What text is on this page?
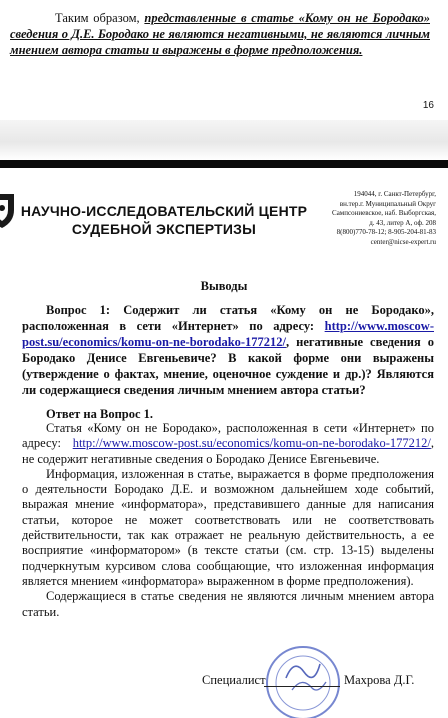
Таким образом, представленные в статье «Кому он не Бородако» сведения о Д.Е. Бородако не являются негативными, не являются личным мнением автора статьи и выражены в форме предположения.
16
НАУЧНО-ИССЛЕДОВАТЕЛЬСКИЙ ЦЕНТР
СУДЕБНОЙ ЭКСПЕРТИЗЫ
194044, г. Санкт-Петербург,
вн.тер.г. Муниципальный Округ
Сампсониевское, наб. Выборгская,
д. 43, литер А, оф. 208
8(800)770-78-12; 8-905-204-81-83
center@nicse-expert.ru
Выводы
Вопрос 1: Содержит ли статья «Кому он не Бородако», расположенная в сети «Интернет» по адресу: http://www.moscow-post.su/economics/komu-on-ne-borodako-177212/, негативные сведения о Бородако Денисе Евгеньевиче? В какой форме они выражены (утверждение о фактах, мнение, оценочное суждение и др.)? Являются ли содержащиеся сведения личным мнением автора статьи?
Ответ на Вопрос 1.

Статья «Кому он не Бородако», расположенная в сети «Интернет» по адресу: http://www.moscow-post.su/economics/komu-on-ne-borodako-177212/, не содержит негативные сведения о Бородако Денисе Евгеньевиче.

Информация, изложенная в статье, выражается в форме предположения о деятельности Бородако Д.Е. и возможном дальнейшем ходе событий, выражая мнение «информатора», представившего данные для написания статьи, которое не может соответствовать или не соответствовать действительности, так как отражает не реальную действительность, а ее восприятие «информатором» (в тексте статьи (см. стр. 13-15) выделены подчеркнутым курсивом слова сообщающие, что изложенная информация является мнением «информатора» выраженном в форме предположения).

Содержащиеся в статье сведения не являются личным мнением автора статьи.

Специалист	Махрова Д.Г.
